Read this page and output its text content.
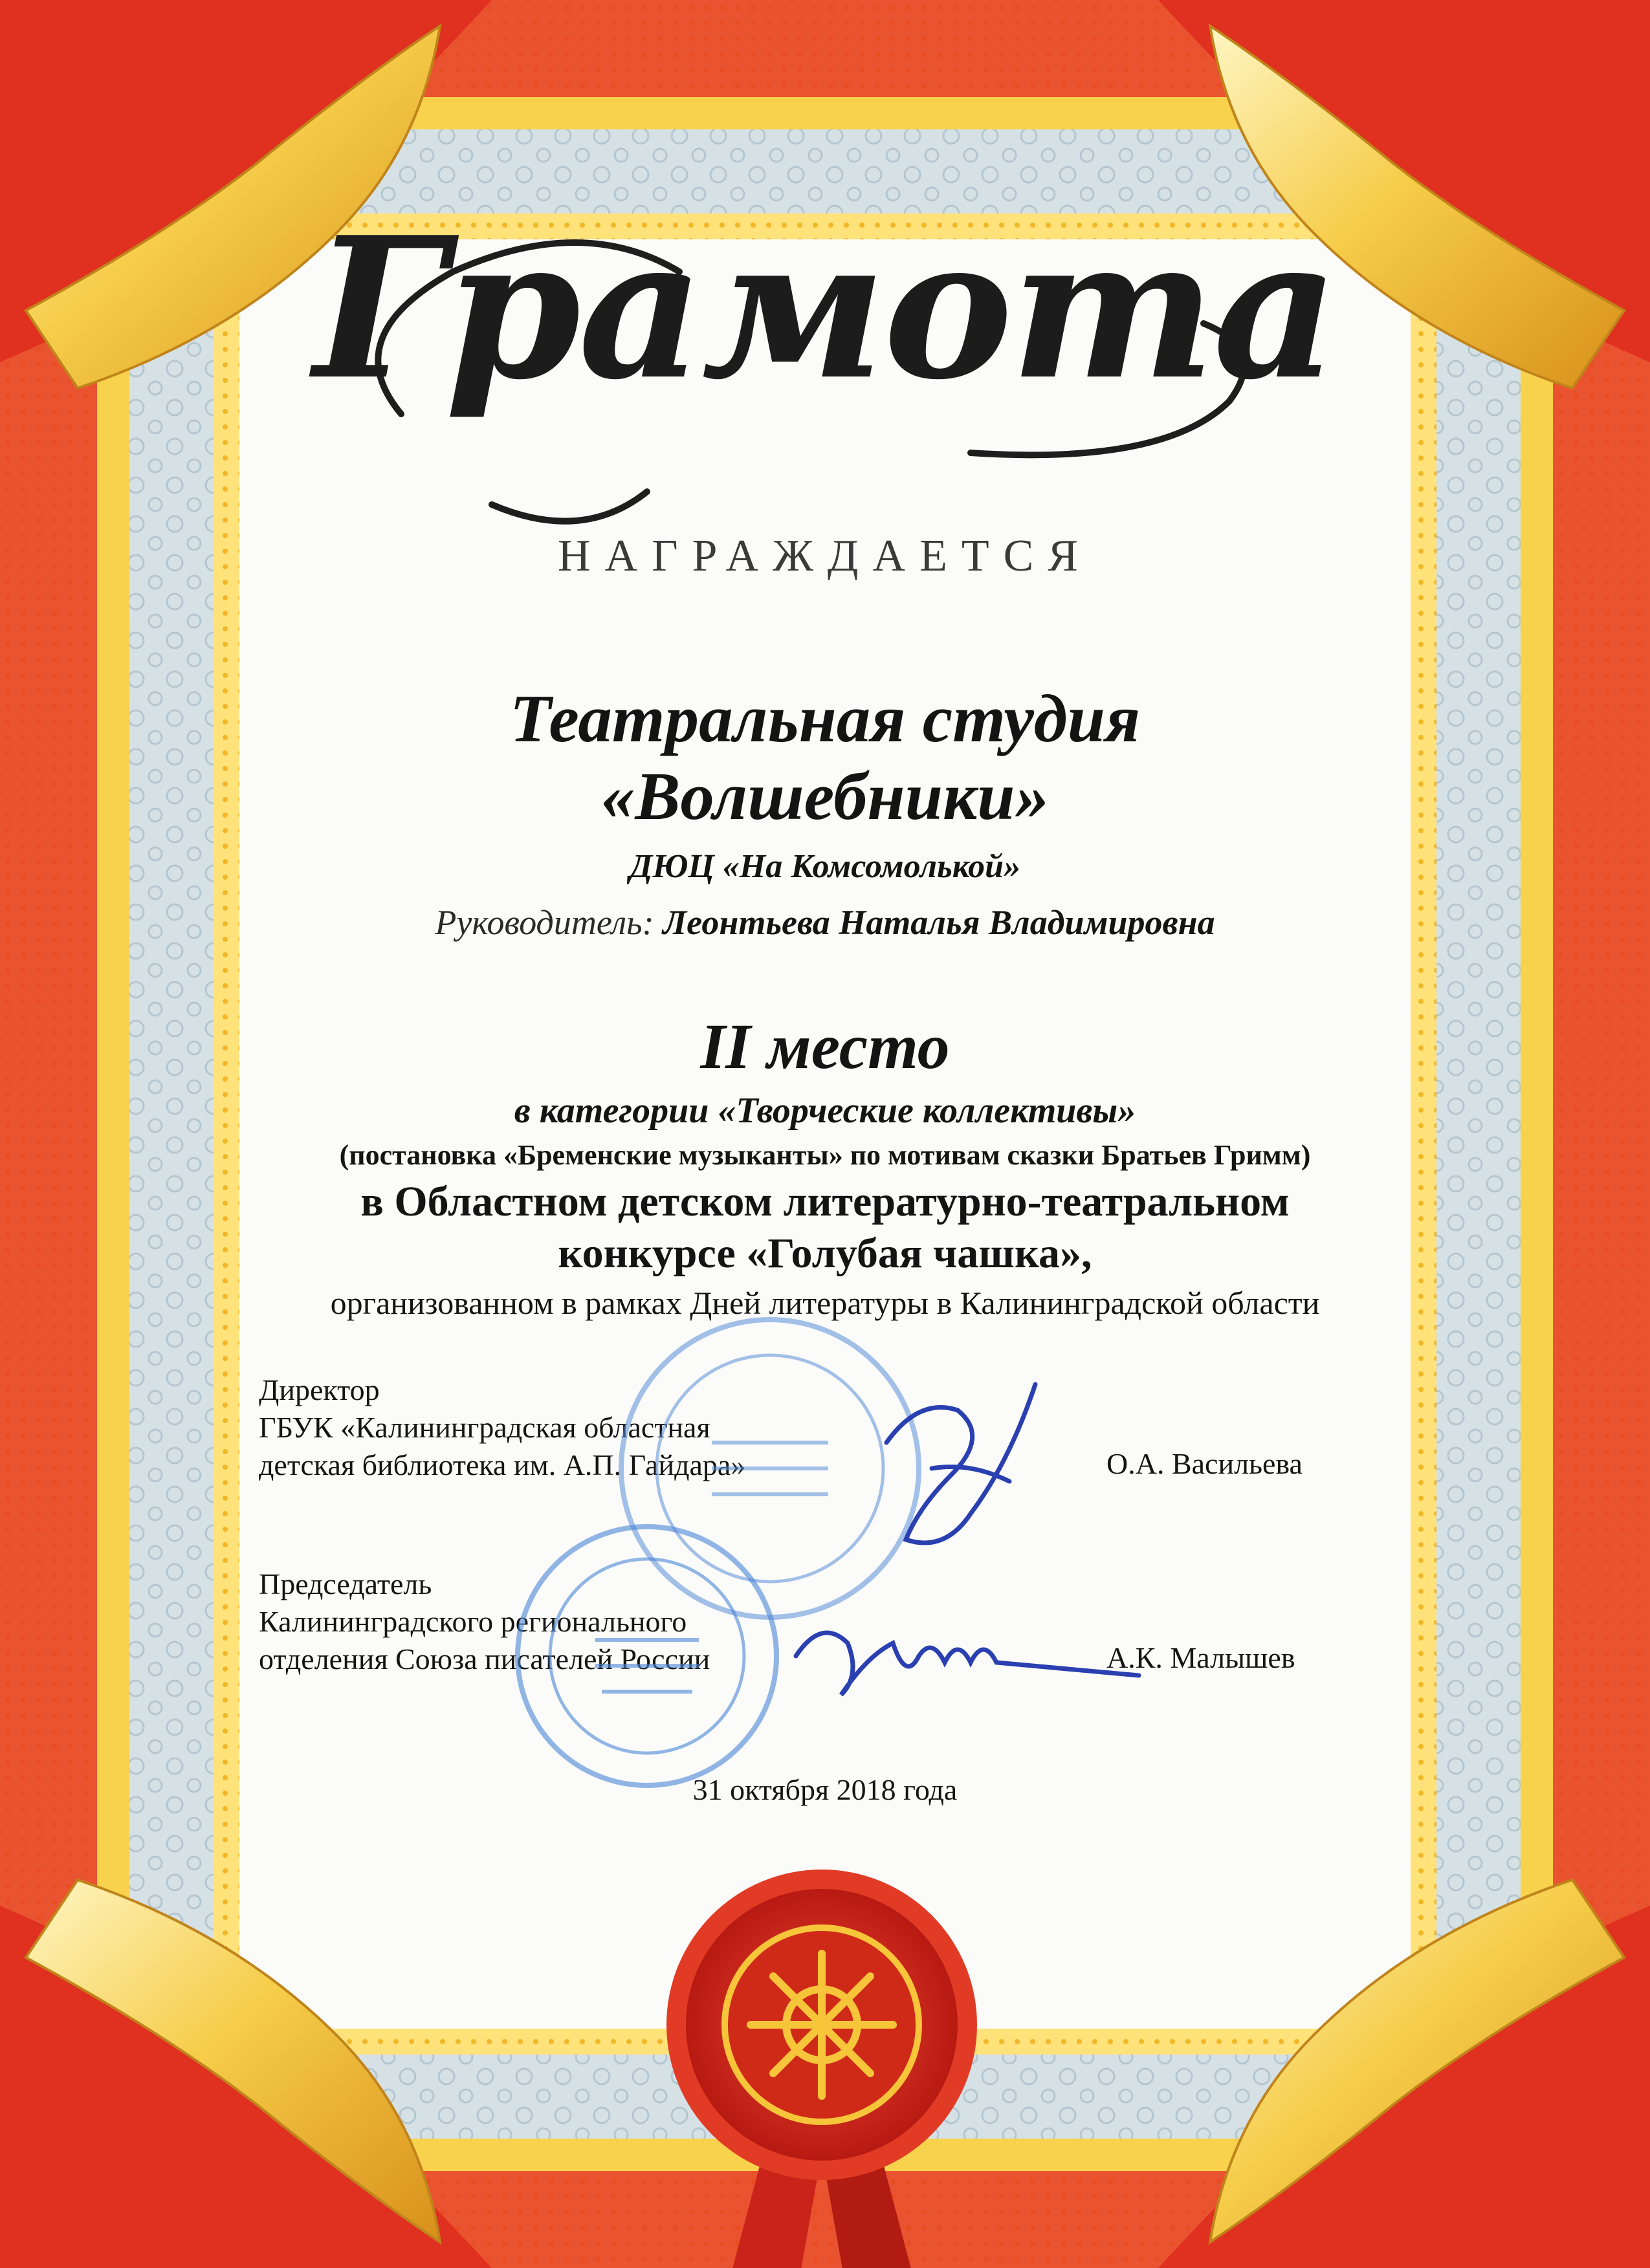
Грамота
НАГРАЖДАЕТСЯ
Театральная студия
«Волшебники»
ДЮЦ «На Комсомолькой»
Руководитель: Леонтьева Наталья Владимировна
II место
в категории «Творческие коллективы»
(постановка «Бременские музыканты» по мотивам сказки Братьев Гримм)
в Областном детском литературно-театральном
конкурсе «Голубая чашка»,
организованном в рамках Дней литературы в Калининградской области
Директор
ГБУК «Калининградская областная
детская библиотека им. А.П. Гайдара»	О.А. Васильева
Председатель
Калининградского регионального
отделения Союза писателей России	А.К. Малышев
31 октября 2018 года
